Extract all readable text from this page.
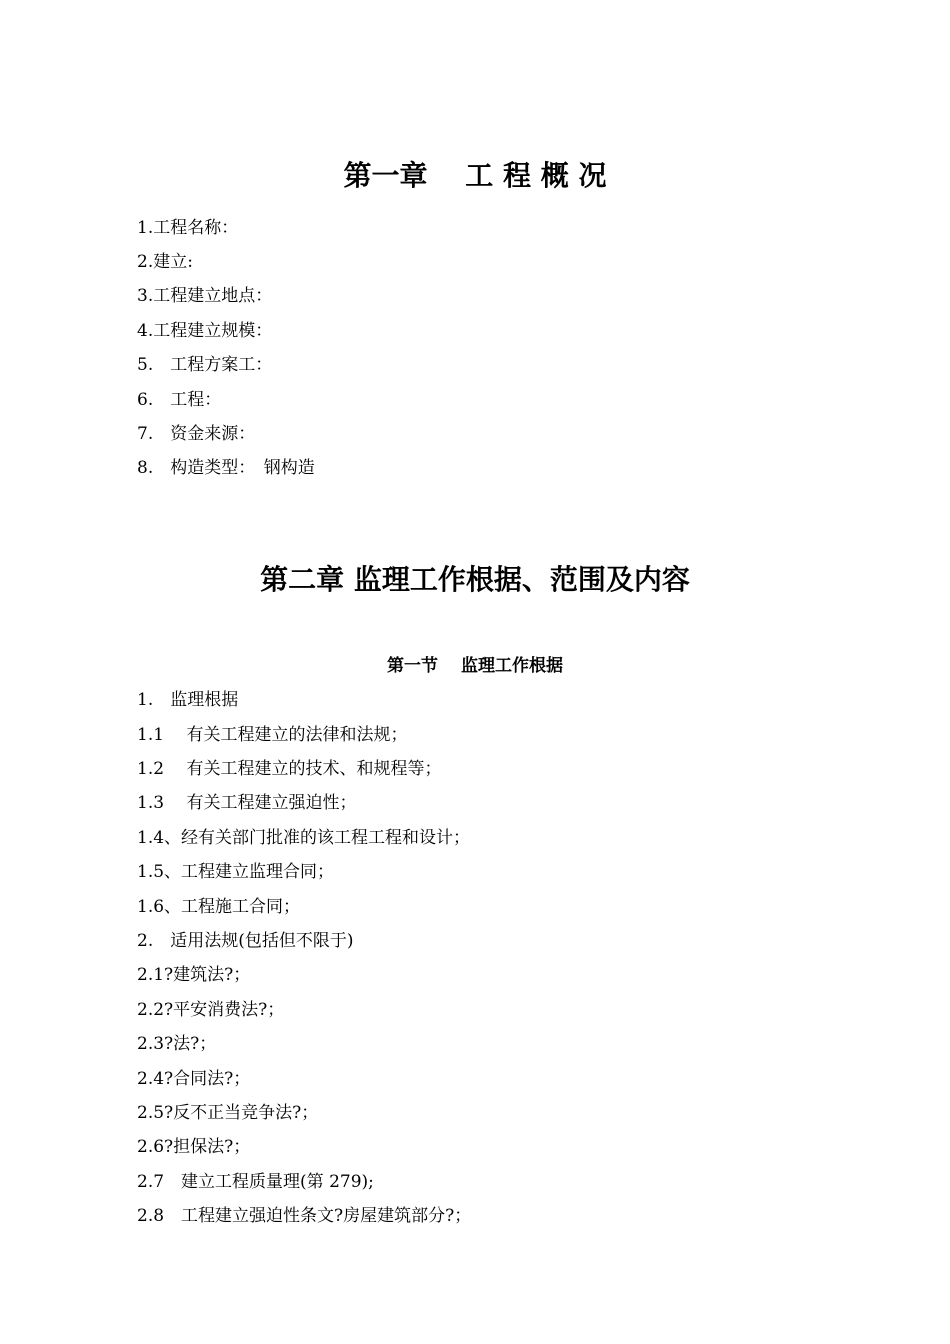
第一章　 工 程 概 况

1.工程名称：

2.建立:

3.工程建立地点：

4.工程建立规模：

5.　工程方案工：

6.　工程：

7.　资金来源：

8.　构造类型：　钢构造

第二章 监理工作根据、范围及内容
第一节　 监理工作根据

1.　监理根据

1.1　 有关工程建立的法律和法规；

1.2　 有关工程建立的技术、和规程等；

1.3　 有关工程建立强迫性；

1.4、经有关部门批准的该工程工程和设计；

1.5、工程建立监理合同；

1.6、工程施工合同；

2.　适用法规(包括但不限于)

2.1?建筑法?；

2.2?平安消费法?；

2.3?法?；

2.4?合同法?；

2.5?反不正当竞争法?；

2.6?担保法?；

2.7　建立工程质量理(第 279);

2.8　工程建立强迫性条文?房屋建筑部分?；
